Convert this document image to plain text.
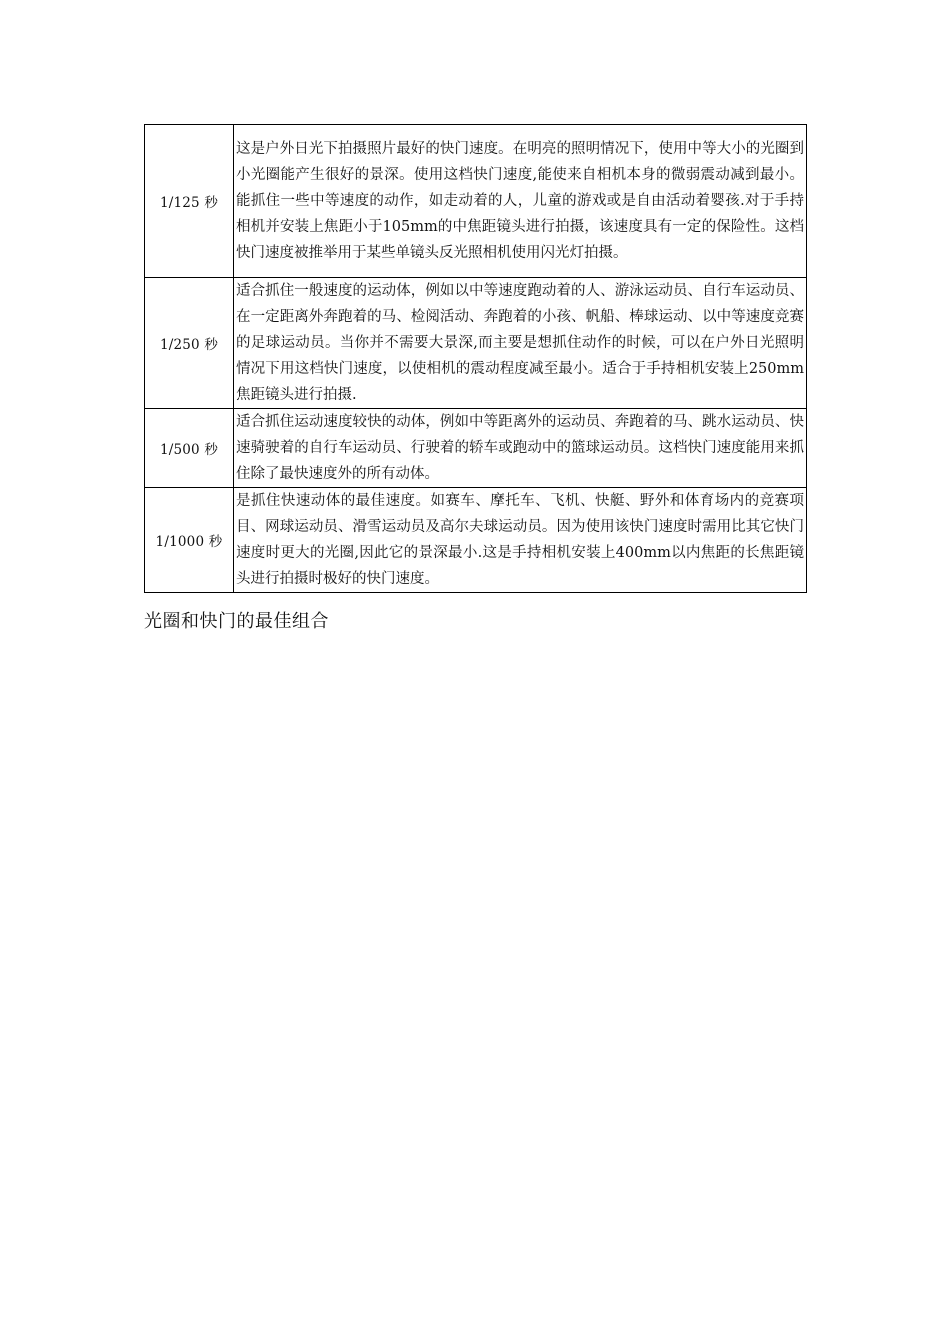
1/125 秒	这是户外日光下拍摄照片最好的快门速度。在明亮的照明情况下，使用中等大小的光圈到小光圈能产生很好的景深。使用这档快门速度,能使来自相机本身的微弱震动减到最小。能抓住一些中等速度的动作，如走动着的人，儿童的游戏或是自由活动着婴孩.对于手持相机并安装上焦距小于105mm的中焦距镜头进行拍摄，该速度具有一定的保险性。这档快门速度被推举用于某些单镜头反光照相机使用闪光灯拍摄。
1/250 秒	适合抓住一般速度的运动体，例如以中等速度跑动着的人、游泳运动员、自行车运动员、在一定距离外奔跑着的马、检阅活动、奔跑着的小孩、帆船、棒球运动、以中等速度竞赛的足球运动员。当你并不需要大景深,而主要是想抓住动作的时候，可以在户外日光照明情况下用这档快门速度，以使相机的震动程度减至最小。适合于手持相机安装上250mm焦距镜头进行拍摄.
1/500 秒	适合抓住运动速度较快的动体，例如中等距离外的运动员、奔跑着的马、跳水运动员、快速骑驶着的自行车运动员、行驶着的轿车或跑动中的篮球运动员。这档快门速度能用来抓住除了最快速度外的所有动体。
1/1000 秒	是抓住快速动体的最佳速度。如赛车、摩托车、飞机、快艇、野外和体育场内的竞赛项目、网球运动员、滑雪运动员及高尔夫球运动员。因为使用该快门速度时需用比其它快门速度时更大的光圈,因此它的景深最小.这是手持相机安装上400mm以内焦距的长焦距镜头进行拍摄时极好的快门速度。
光圈和快门的最佳组合
